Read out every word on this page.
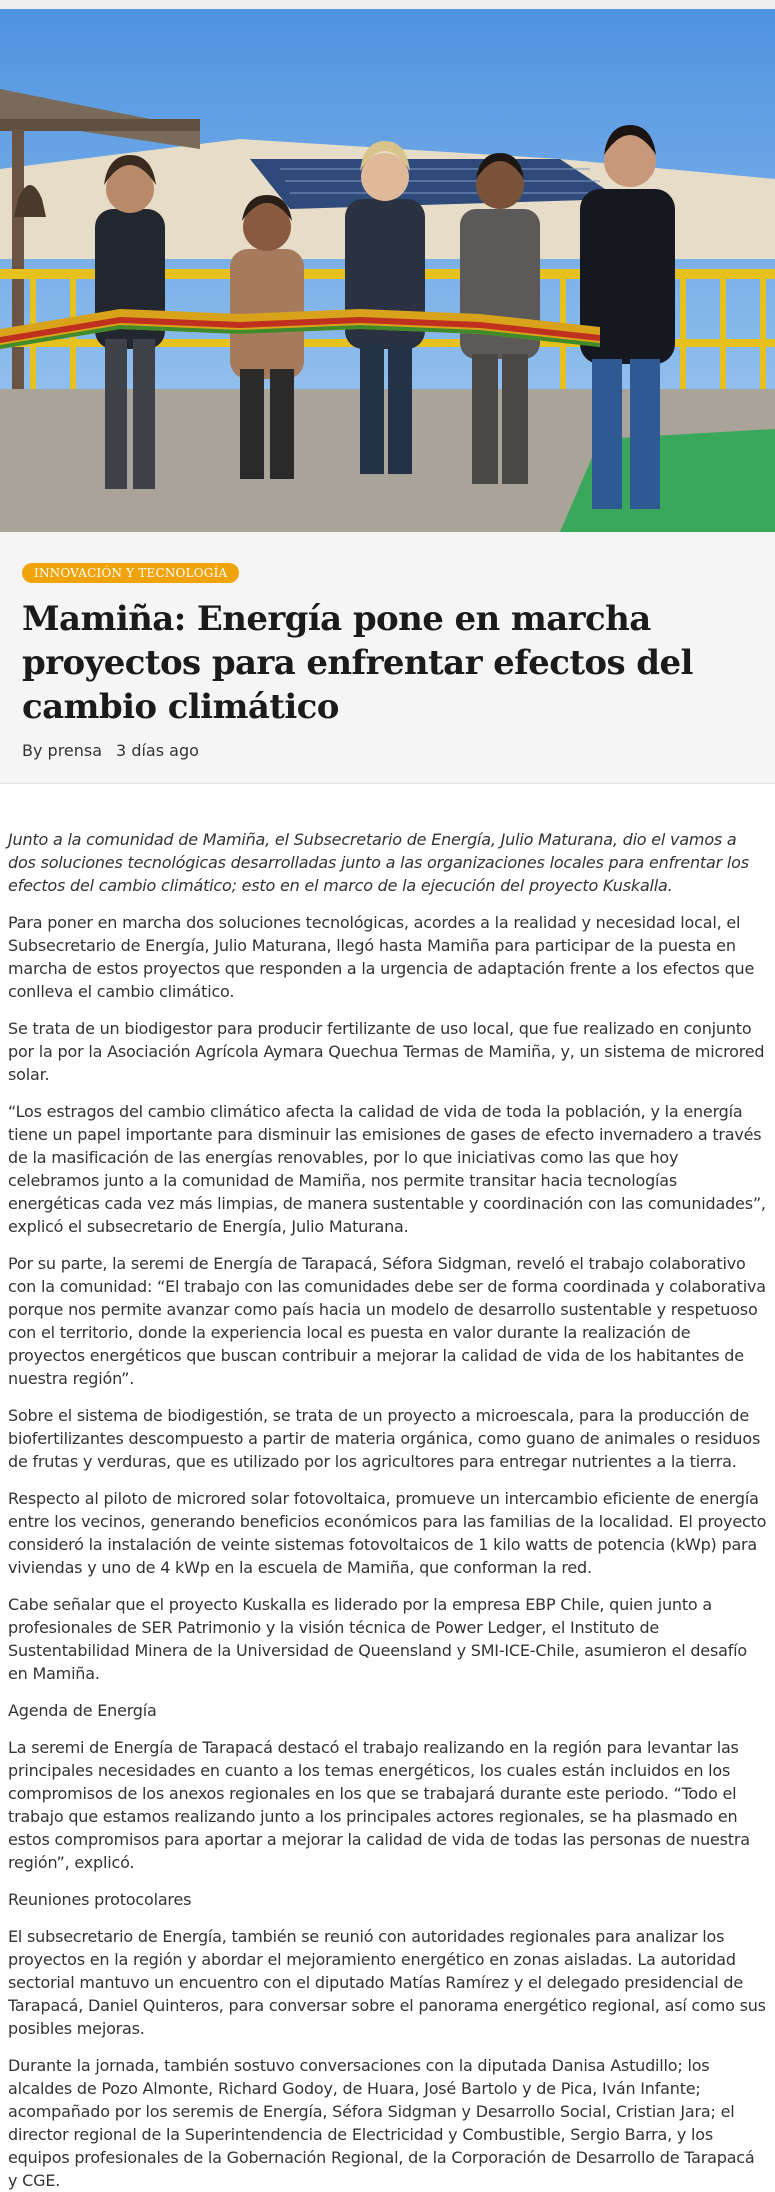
INNOVACIÓN Y TECNOLOGÍA
Mamiña: Energía pone en marcha proyectos para enfrentar efectos del cambio climático
By prensa 3 días ago

Junto a la comunidad de Mamiña, el Subsecretario de Energía, Julio Maturana, dio el vamos a dos soluciones tecnológicas desarrolladas junto a las organizaciones locales para enfrentar los efectos del cambio climático; esto en el marco de la ejecución del proyecto Kuskalla.

Para poner en marcha dos soluciones tecnológicas, acordes a la realidad y necesidad local, el Subsecretario de Energía, Julio Maturana, llegó hasta Mamiña para participar de la puesta en marcha de estos proyectos que responden a la urgencia de adaptación frente a los efectos que conlleva el cambio climático.

Se trata de un biodigestor para producir fertilizante de uso local, que fue realizado en conjunto por la por la Asociación Agrícola Aymara Quechua Termas de Mamiña, y, un sistema de microred solar.

“Los estragos del cambio climático afecta la calidad de vida de toda la población, y la energía tiene un papel importante para disminuir las emisiones de gases de efecto invernadero a través de la masificación de las energías renovables, por lo que iniciativas como las que hoy celebramos junto a la comunidad de Mamiña, nos permite transitar hacia tecnologías energéticas cada vez más limpias, de manera sustentable y coordinación con las comunidades”, explicó el subsecretario de Energía, Julio Maturana.

Por su parte, la seremi de Energía de Tarapacá, Séfora Sidgman, reveló el trabajo colaborativo con la comunidad: “El trabajo con las comunidades debe ser de forma coordinada y colaborativa porque nos permite avanzar como país hacia un modelo de desarrollo sustentable y respetuoso con el territorio, donde la experiencia local es puesta en valor durante la realización de proyectos energéticos que buscan contribuir a mejorar la calidad de vida de los habitantes de nuestra región”.

Sobre el sistema de biodigestión, se trata de un proyecto a microescala, para la producción de biofertilizantes descompuesto a partir de materia orgánica, como guano de animales o residuos de frutas y verduras, que es utilizado por los agricultores para entregar nutrientes a la tierra.

Respecto al piloto de microred solar fotovoltaica, promueve un intercambio eficiente de energía entre los vecinos, generando beneficios económicos para las familias de la localidad. El proyecto consideró la instalación de veinte sistemas fotovoltaicos de 1 kilo watts de potencia (kWp) para viviendas y uno de 4 kWp en la escuela de Mamiña, que conforman la red.

Cabe señalar que el proyecto Kuskalla es liderado por la empresa EBP Chile, quien junto a profesionales de SER Patrimonio y la visión técnica de Power Ledger, el Instituto de Sustentabilidad Minera de la Universidad de Queensland y SMI-ICE-Chile, asumieron el desafío en Mamiña.

Agenda de Energía

La seremi de Energía de Tarapacá destacó el trabajo realizando en la región para levantar las principales necesidades en cuanto a los temas energéticos, los cuales están incluidos en los compromisos de los anexos regionales en los que se trabajará durante este periodo. “Todo el trabajo que estamos realizando junto a los principales actores regionales, se ha plasmado en estos compromisos para aportar a mejorar la calidad de vida de todas las personas de nuestra región”, explicó.

Reuniones protocolares

El subsecretario de Energía, también se reunió con autoridades regionales para analizar los proyectos en la región y abordar el mejoramiento energético en zonas aisladas. La autoridad sectorial mantuvo un encuentro con el diputado Matías Ramírez y el delegado presidencial de Tarapacá, Daniel Quinteros, para conversar sobre el panorama energético regional, así como sus posibles mejoras.

Durante la jornada, también sostuvo conversaciones con la diputada Danisa Astudillo; los alcaldes de Pozo Almonte, Richard Godoy, de Huara, José Bartolo y de Pica, Iván Infante; acompañado por los seremis de Energía, Séfora Sidgman y Desarrollo Social, Cristian Jara; el director regional de la Superintendencia de Electricidad y Combustible, Sergio Barra, y los equipos profesionales de la Gobernación Regional, de la Corporación de Desarrollo de Tarapacá y CGE.
